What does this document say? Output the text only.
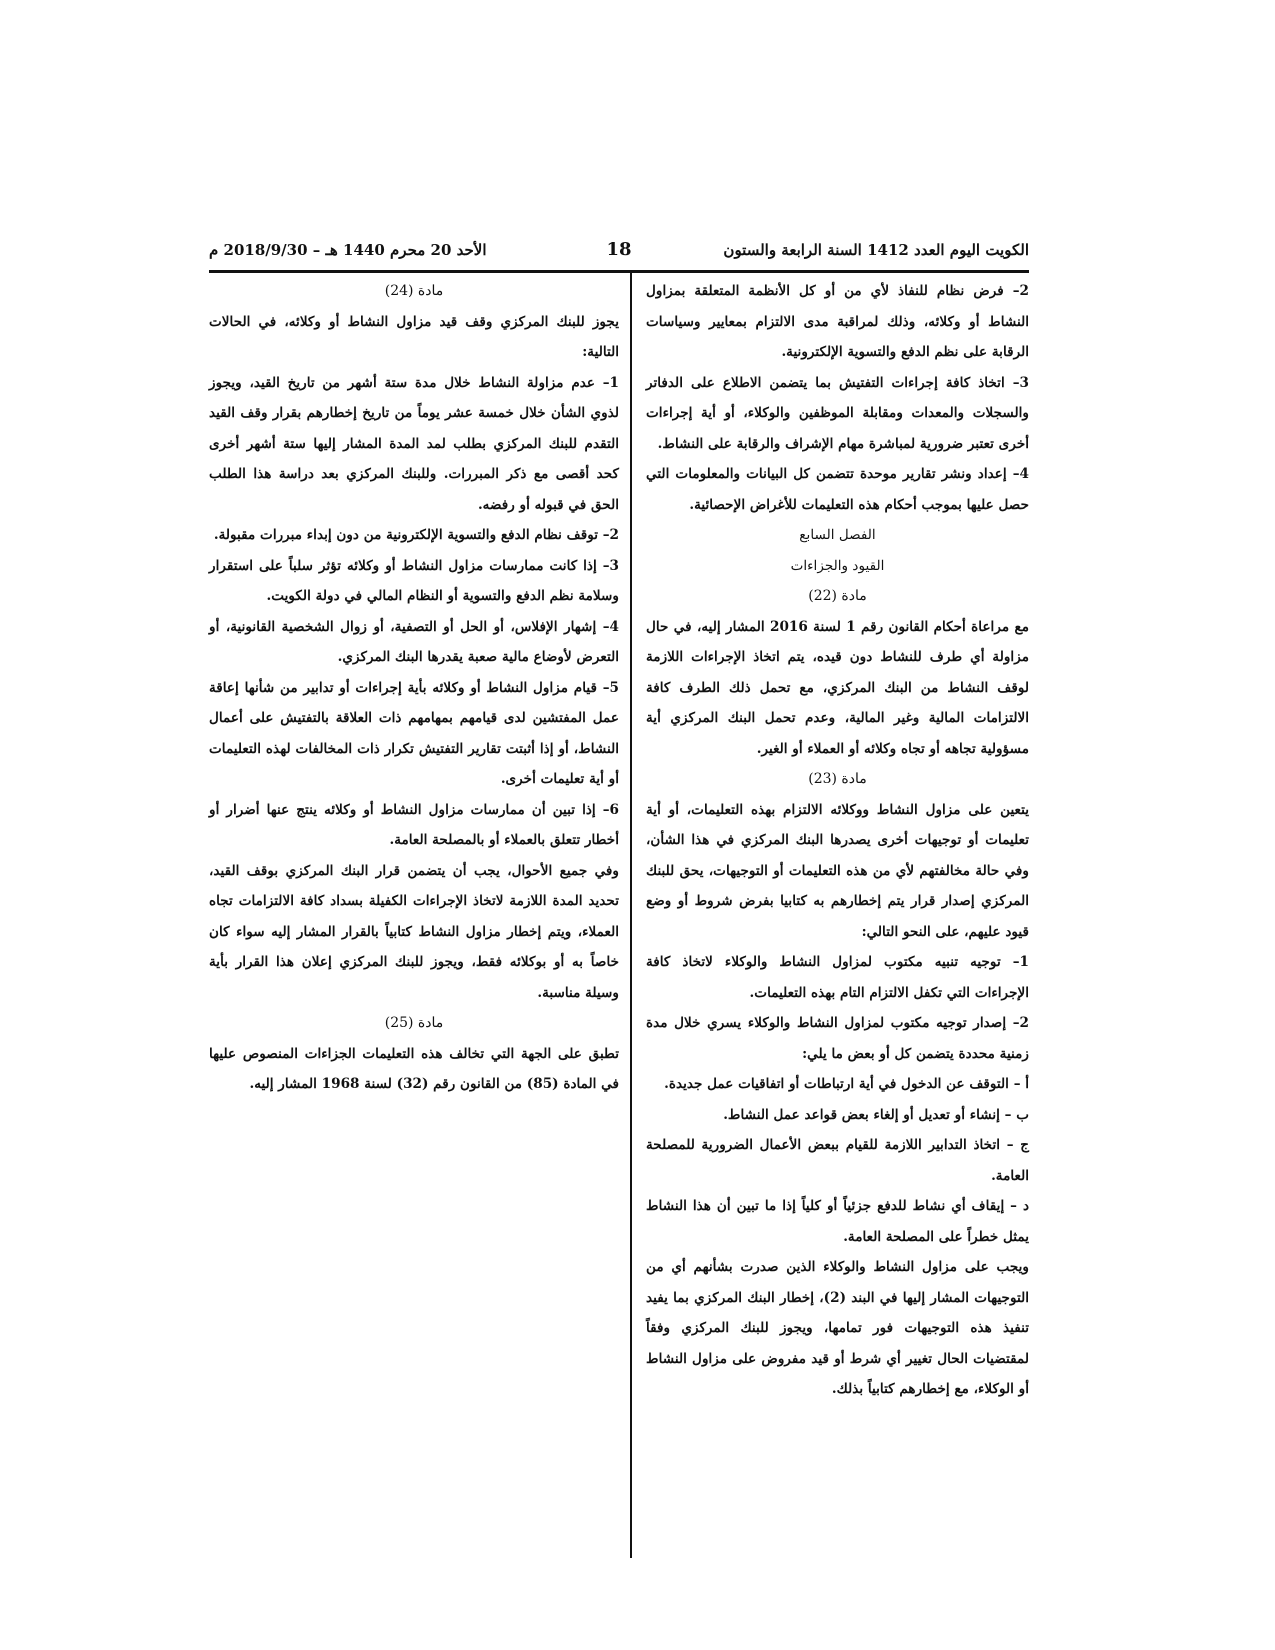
الكويت اليوم العدد 1412 السنة الرابعة والستون
18
الأحد 20 محرم 1440 هـ – 2018/9/30 م

2– فرض نظام للنفاذ لأي من أو كل الأنظمة المتعلقة بمزاول النشاط أو وكلائه، وذلك لمراقبة مدى الالتزام بمعايير وسياسات الرقابة على نظم الدفع والتسوية الإلكترونية.

3– اتخاذ كافة إجراءات التفتيش بما يتضمن الاطلاع على الدفاتر والسجلات والمعدات ومقابلة الموظفين والوكلاء، أو أية إجراءات أخرى تعتبر ضرورية لمباشرة مهام الإشراف والرقابة على النشاط.

4– إعداد ونشر تقارير موحدة تتضمن كل البيانات والمعلومات التي حصل عليها بموجب أحكام هذه التعليمات للأغراض الإحصائية.

الفصل السابع

القيود والجزاءات

مادة (22)

مع مراعاة أحكام القانون رقم 1 لسنة 2016 المشار إليه، في حال مزاولة أي طرف للنشاط دون قيده، يتم اتخاذ الإجراءات اللازمة لوقف النشاط من البنك المركزي، مع تحمل ذلك الطرف كافة الالتزامات المالية وغير المالية، وعدم تحمل البنك المركزي أية مسؤولية تجاهه أو تجاه وكلائه أو العملاء أو الغير.

مادة (23)

يتعين على مزاول النشاط ووكلائه الالتزام بهذه التعليمات، أو أية تعليمات أو توجيهات أخرى يصدرها البنك المركزي في هذا الشأن، وفي حالة مخالفتهم لأي من هذه التعليمات أو التوجيهات، يحق للبنك المركزي إصدار قرار يتم إخطارهم به كتابيا بفرض شروط أو وضع قيود عليهم، على النحو التالي:

1– توجيه تنبيه مكتوب لمزاول النشاط والوكلاء لاتخاذ كافة الإجراءات التي تكفل الالتزام التام بهذه التعليمات.

2– إصدار توجيه مكتوب لمزاول النشاط والوكلاء يسري خلال مدة زمنية محددة يتضمن كل أو بعض ما يلي:

أ – التوقف عن الدخول في أية ارتباطات أو اتفاقيات عمل جديدة.

ب – إنشاء أو تعديل أو إلغاء بعض قواعد عمل النشاط.

ج – اتخاذ التدابير اللازمة للقيام ببعض الأعمال الضرورية للمصلحة العامة.

د – إيقاف أي نشاط للدفع جزئياً أو كلياً إذا ما تبين أن هذا النشاط يمثل خطراً على المصلحة العامة.

ويجب على مزاول النشاط والوكلاء الذين صدرت بشأنهم أي من التوجيهات المشار إليها في البند (2)، إخطار البنك المركزي بما يفيد تنفيذ هذه التوجيهات فور تمامها، ويجوز للبنك المركزي وفقاً لمقتضيات الحال تغيير أي شرط أو قيد مفروض على مزاول النشاط أو الوكلاء، مع إخطارهم كتابياً بذلك.

مادة (24)

يجوز للبنك المركزي وقف قيد مزاول النشاط أو وكلائه، في الحالات التالية:

1– عدم مزاولة النشاط خلال مدة ستة أشهر من تاريخ القيد، ويجوز لذوي الشأن خلال خمسة عشر يوماً من تاريخ إخطارهم بقرار وقف القيد التقدم للبنك المركزي بطلب لمد المدة المشار إليها ستة أشهر أخرى كحد أقصى مع ذكر المبررات. وللبنك المركزي بعد دراسة هذا الطلب الحق في قبوله أو رفضه.

2– توقف نظام الدفع والتسوية الإلكترونية من دون إبداء مبررات مقبولة.

3– إذا كانت ممارسات مزاول النشاط أو وكلائه تؤثر سلباً على استقرار وسلامة نظم الدفع والتسوية أو النظام المالي في دولة الكويت.

4– إشهار الإفلاس، أو الحل أو التصفية، أو زوال الشخصية القانونية، أو التعرض لأوضاع مالية صعبة يقدرها البنك المركزي.

5– قيام مزاول النشاط أو وكلائه بأية إجراءات أو تدابير من شأنها إعاقة عمل المفتشين لدى قيامهم بمهامهم ذات العلاقة بالتفتيش على أعمال النشاط، أو إذا أثبتت تقارير التفتيش تكرار ذات المخالفات لهذه التعليمات أو أية تعليمات أخرى.

6– إذا تبين أن ممارسات مزاول النشاط أو وكلائه ينتج عنها أضرار أو أخطار تتعلق بالعملاء أو بالمصلحة العامة.

وفي جميع الأحوال، يجب أن يتضمن قرار البنك المركزي بوقف القيد، تحديد المدة اللازمة لاتخاذ الإجراءات الكفيلة بسداد كافة الالتزامات تجاه العملاء، ويتم إخطار مزاول النشاط كتابياً بالقرار المشار إليه سواء كان خاصاً به أو بوكلائه فقط، ويجوز للبنك المركزي إعلان هذا القرار بأية وسيلة مناسبة.

مادة (25)

تطبق على الجهة التي تخالف هذه التعليمات الجزاءات المنصوص عليها في المادة (85) من القانون رقم (32) لسنة 1968 المشار إليه.
